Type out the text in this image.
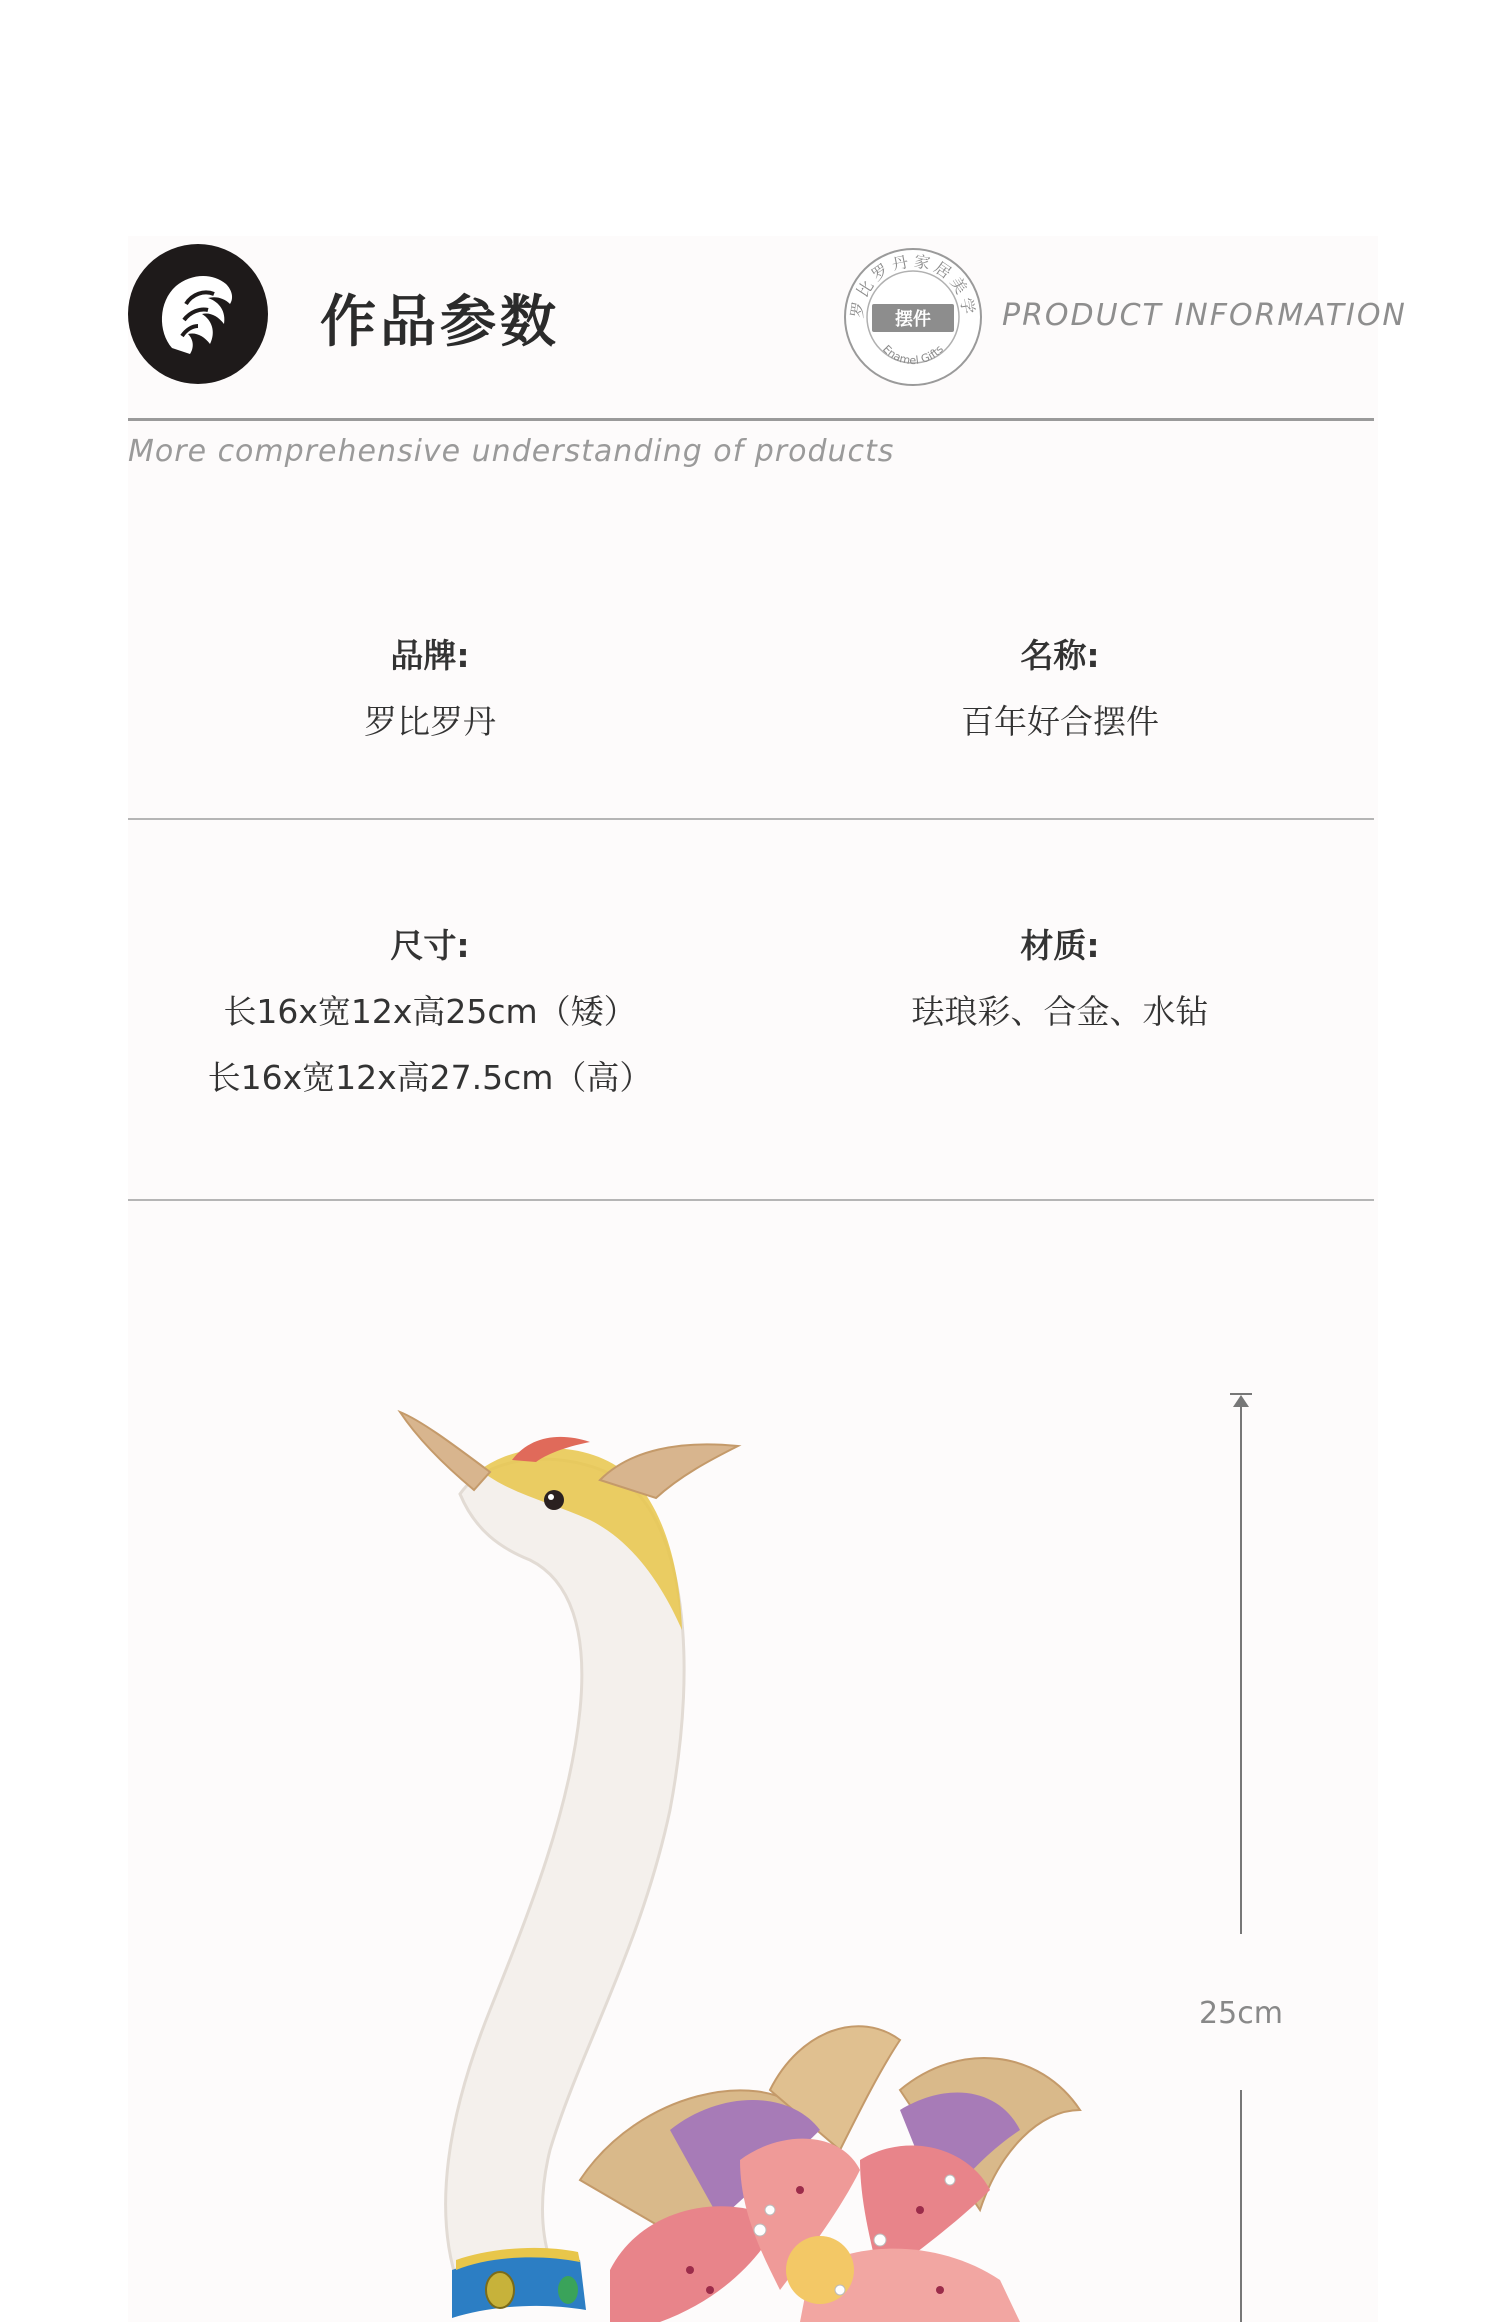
作品参数	罗比罗丹家居美学
摆件
Enamel Gifts
PRODUCT INFORMATION
More comprehensive understanding of products
品牌:
罗比罗丹
名称:
百年好合摆件
尺寸:
长16x宽12x高25cm（矮）
长16x宽12x高27.5cm（高）
材质:
珐琅彩、合金、水钻
25cm
